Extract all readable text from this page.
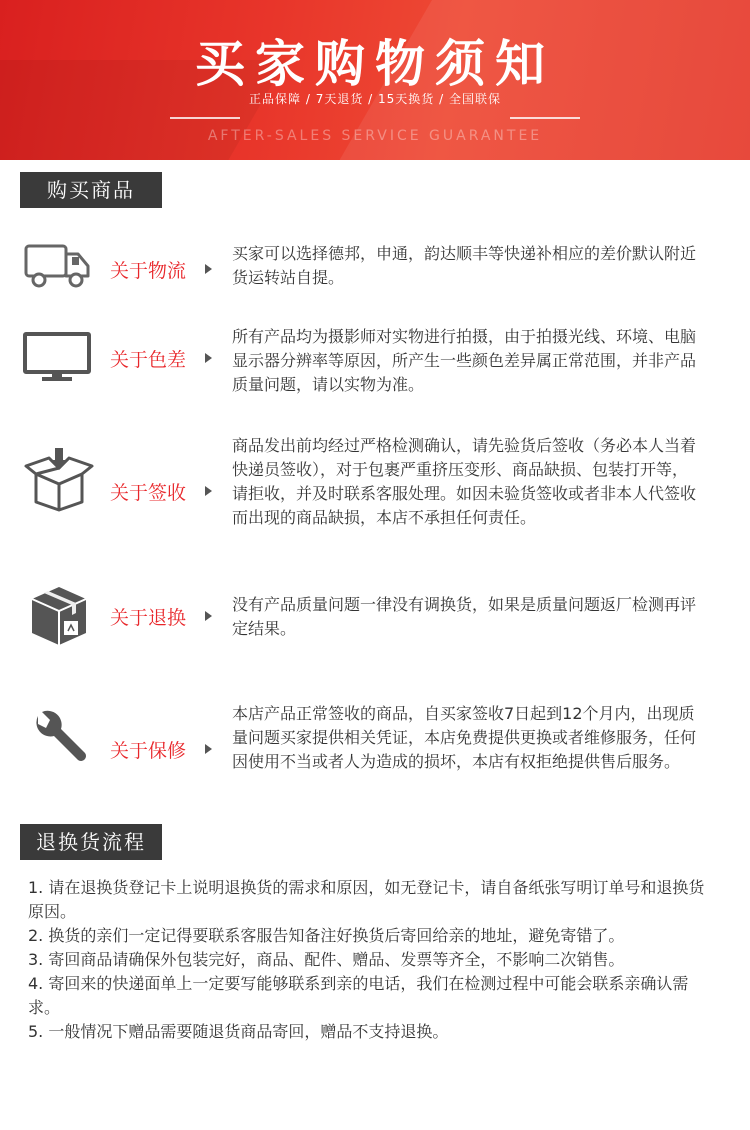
买家购物须知
正品保障 / 7天退货 / 15天换货 / 全国联保
AFTER-SALES SERVICE GUARANTEE
购买商品
关于物流
买家可以选择德邦，申通，韵达顺丰等快递补相应的差价默认附近货运转站自提。
关于色差
所有产品均为摄影师对实物进行拍摄，由于拍摄光线、环境、电脑显示器分辨率等原因，所产生一些颜色差异属正常范围，并非产品质量问题，请以实物为准。
关于签收
商品发出前均经过严格检测确认，请先验货后签收（务必本人当着快递员签收），对于包裹严重挤压变形、商品缺损、包装打开等，请拒收，并及时联系客服处理。如因未验货签收或者非本人代签收而出现的商品缺损，本店不承担任何责任。
关于退换
没有产品质量问题一律没有调换货，如果是质量问题返厂检测再评定结果。
关于保修
本店产品正常签收的商品，自买家签收7日起到12个月内，出现质量问题买家提供相关凭证，本店免费提供更换或者维修服务，任何因使用不当或者人为造成的损坏，本店有权拒绝提供售后服务。
退换货流程

1. 请在退换货登记卡上说明退换货的需求和原因，如无登记卡，请自备纸张写明订单号和退换货原因。

2. 换货的亲们一定记得要联系客服告知备注好换货后寄回给亲的地址，避免寄错了。

3. 寄回商品请确保外包装完好，商品、配件、赠品、发票等齐全，不影响二次销售。

4. 寄回来的快递面单上一定要写能够联系到亲的电话，我们在检测过程中可能会联系亲确认需求。

5. 一般情况下赠品需要随退货商品寄回，赠品不支持退换。
